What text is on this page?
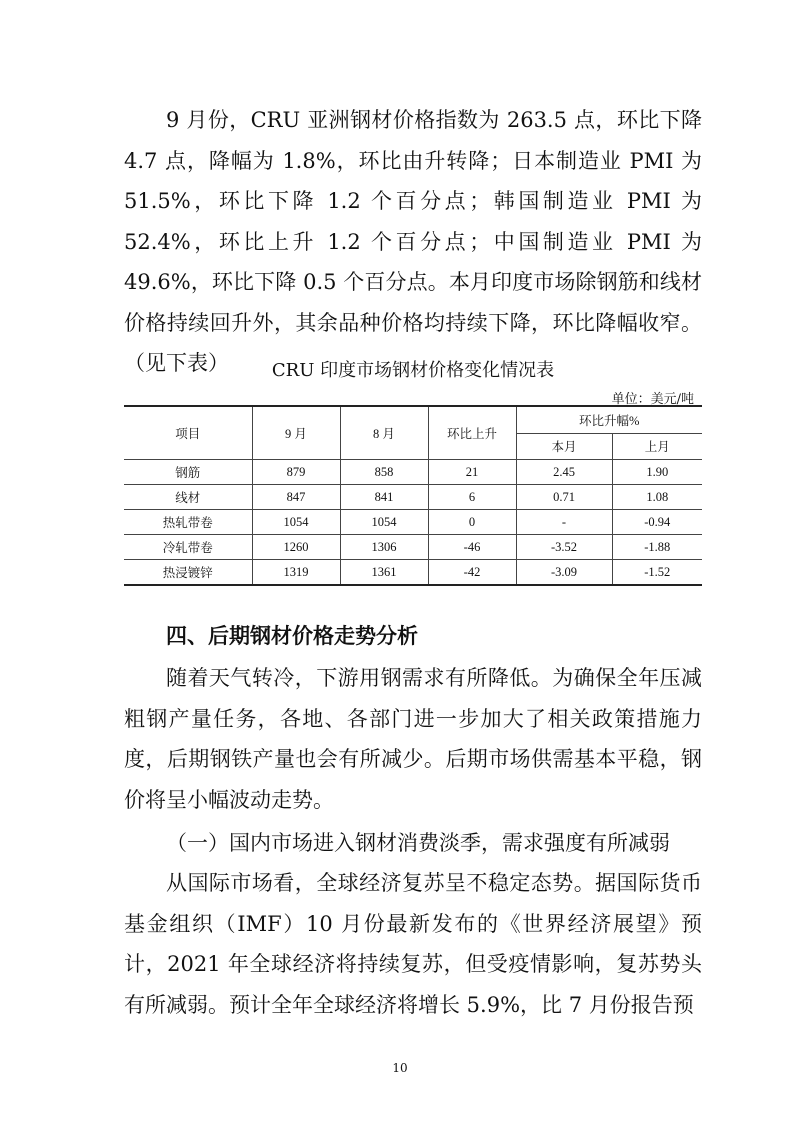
9 月份，CRU 亚洲钢材价格指数为 263.5 点，环比下降 4.7 点，降幅为 1.8%，环比由升转降；日本制造业 PMI 为 51.5%，环比下降 1.2 个百分点；韩国制造业 PMI 为 52.4%，环比上升 1.2 个百分点；中国制造业 PMI 为 49.6%，环比下降 0.5 个百分点。本月印度市场除钢筋和线材价格持续回升外，其余品种价格均持续下降，环比降幅收窄。（见下表）	CRU 印度市场钢材价格变化情况表
单位：美元/吨
项目	9 月	8 月	环比上升	环比升幅%	
				本月	上月
钢筋	879	858	21	2.45	1.90
线材	847	841	6	0.71	1.08
热轧带卷	1054	1054	0	-	-0.94
冷轧带卷	1260	1306	-46	-3.52	-1.88
热浸镀锌	1319	1361	-42	-3.09	-1.52
四、后期钢材价格走势分析

随着天气转冷，下游用钢需求有所降低。为确保全年压减粗钢产量任务，各地、各部门进一步加大了相关政策措施力度，后期钢铁产量也会有所减少。后期市场供需基本平稳，钢价将呈小幅波动走势。

（一）国内市场进入钢材消费淡季，需求强度有所减弱

从国际市场看，全球经济复苏呈不稳定态势。据国际货币基金组织（IMF）10 月份最新发布的《世界经济展望》预计，2021 年全球经济将持续复苏，但受疫情影响，复苏势头有所减弱。预计全年全球经济将增长 5.9%，比 7 月份报告预

10
